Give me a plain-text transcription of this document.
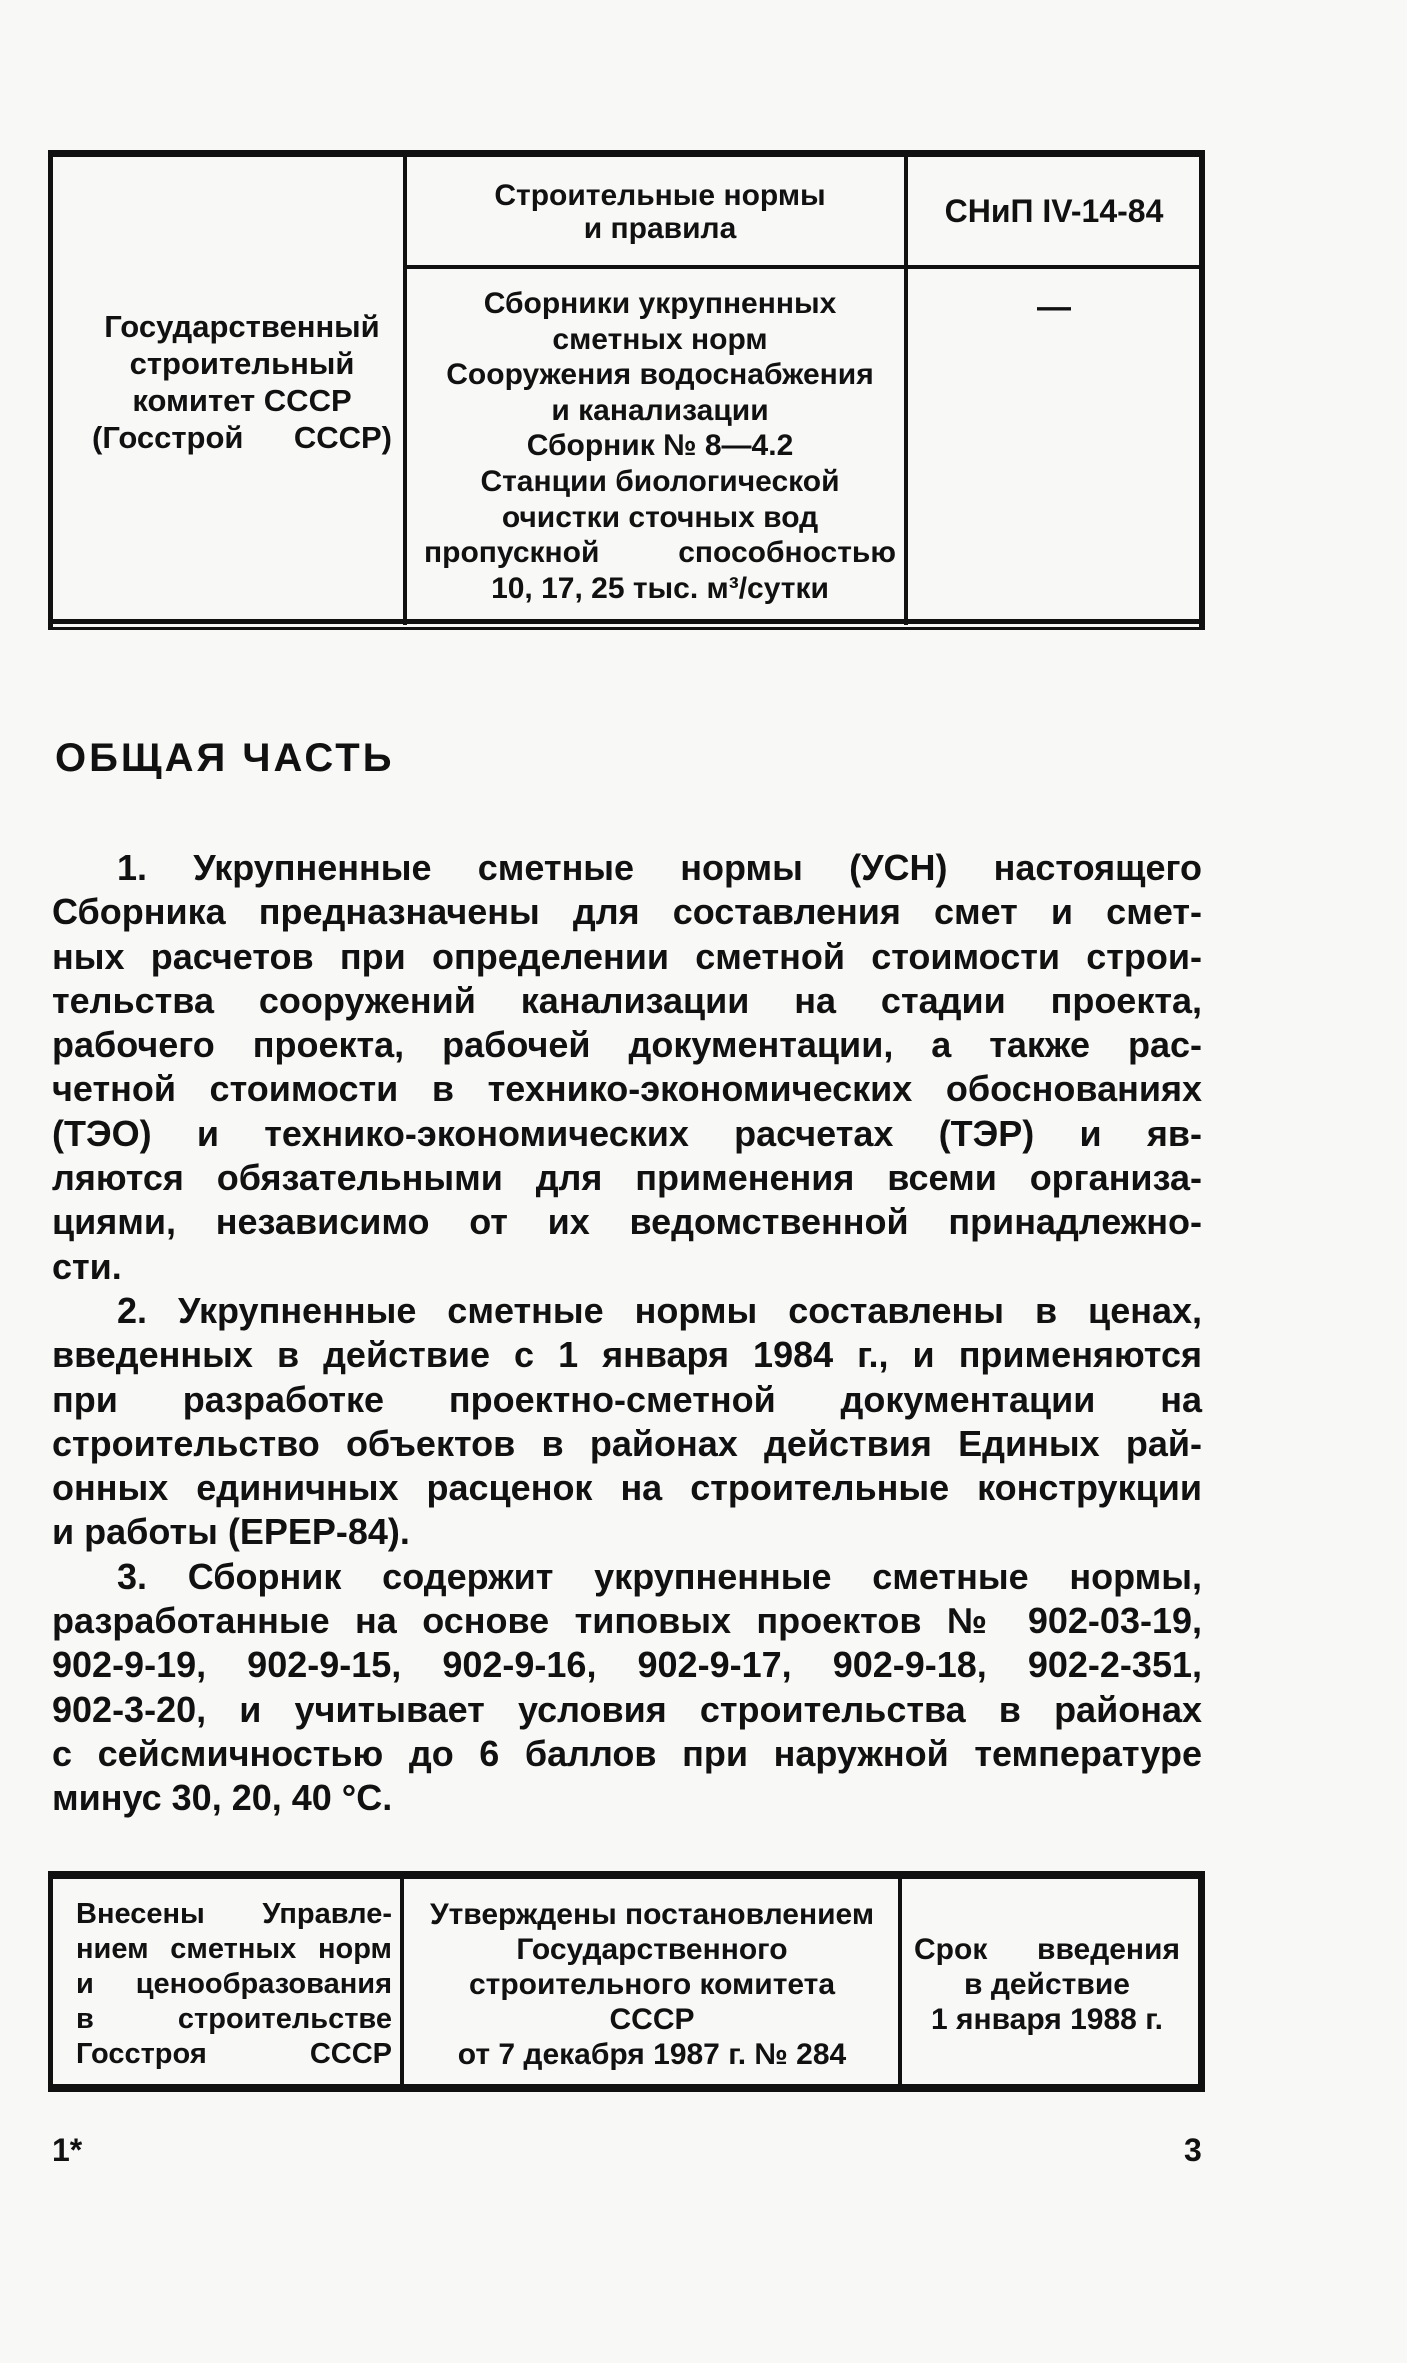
Государственный
строительный
комитет СССР
(Госстрой СССР)
Строительные нормы
и правила	СНиП IV-14-84
Сборники укрупненных
сметных норм
Сооружения водоснабжения
и канализации
Сборник № 8—4.2
Станции биологической
очистки сточных вод
пропускной способностью
10, 17, 25 тыс. м³/сутки
—
ОБЩАЯ ЧАСТЬ
1. Укрупненные сметные нормы (УСН) настоящего
Сборника предназначены для составления смет и смет-
ных расчетов при определении сметной стоимости строи-
тельства сооружений канализации на стадии проекта,
рабочего проекта, рабочей документации, а также рас-
четной стоимости в технико-экономических обоснованиях
(ТЭО) и технико-экономических расчетах (ТЭР) и яв-
ляются обязательными для применения всеми организа-
циями, независимо от их ведомственной принадлежно-
сти.
2. Укрупненные сметные нормы составлены в ценах,
введенных в действие с 1 января 1984 г., и применяются
при разработке проектно-сметной документации на
строительство объектов в районах действия Единых рай-
онных единичных расценок на строительные конструкции
и работы (ЕРЕР-84).
3. Сборник содержит укрупненные сметные нормы,
разработанные на основе типовых проектов № 902-03-19,
902-9-19, 902-9-15, 902-9-16, 902-9-17, 902-9-18, 902-2-351,
902-3-20, и учитывает условия строительства в районах
с сейсмичностью до 6 баллов при наружной температуре
минус 30, 20, 40 °С.
Внесены Управле-
нием сметных норм
и ценообразования
в строительстве
Госстроя СССР
Утверждены постановлением
Государственного
строительного комитета
СССР
от 7 декабря 1987 г. № 284
Срок введения
в действие
1 января 1988 г.
1*	3
